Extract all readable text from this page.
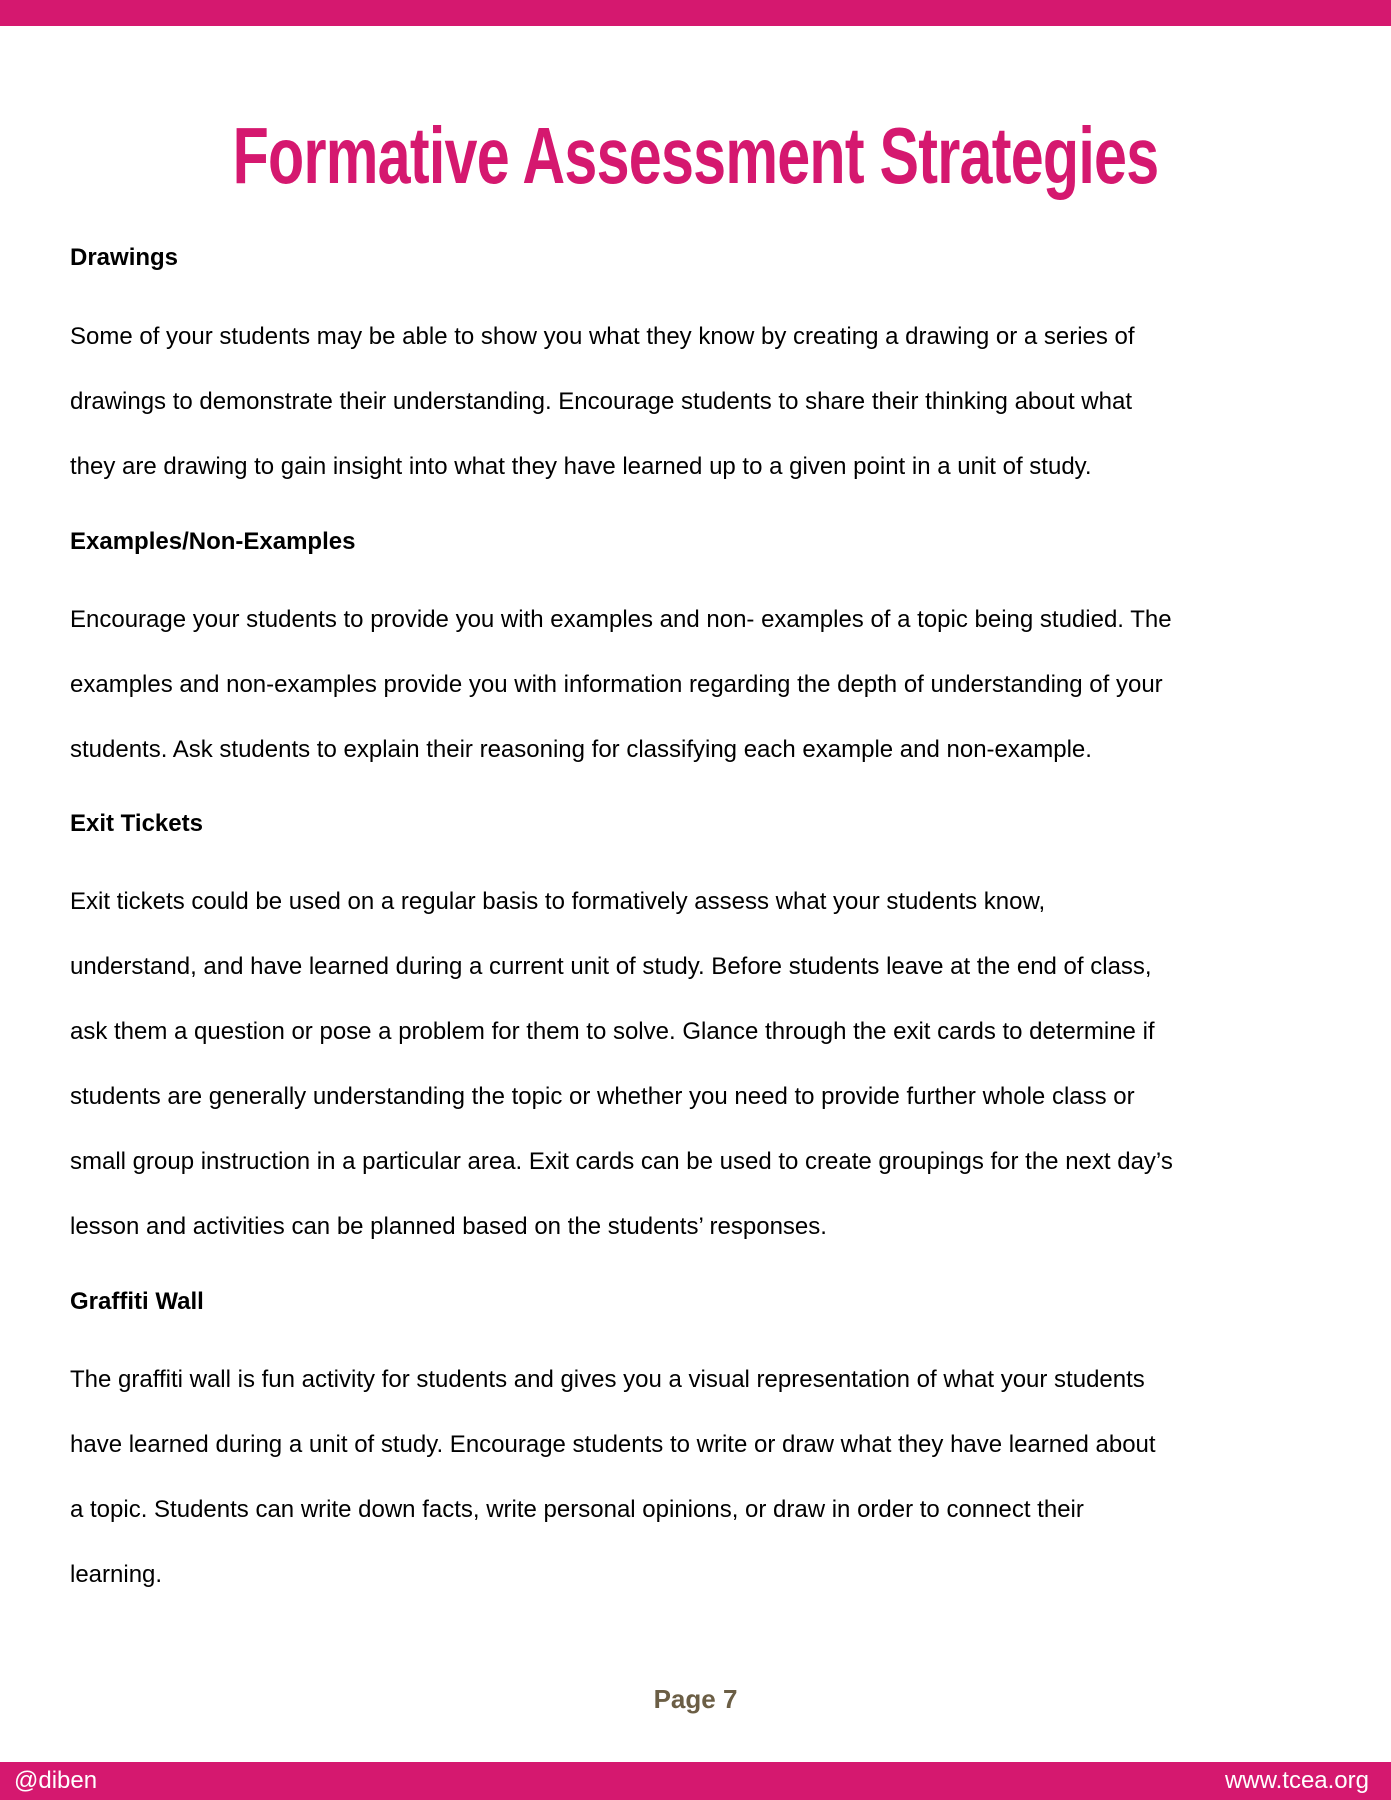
Formative Assessment Strategies
Drawings
Some of your students may be able to show you what they know by creating a drawing or a series of
drawings to demonstrate their understanding. Encourage students to share their thinking about what
they are drawing to gain insight into what they have learned up to a given point in a unit of study.
Examples/Non-Examples
Encourage your students to provide you with examples and non- examples of a topic being studied. The
examples and non-examples provide you with information regarding the depth of understanding of your
students. Ask students to explain their reasoning for classifying each example and non-example.
Exit Tickets
Exit tickets could be used on a regular basis to formatively assess what your students know,
understand, and have learned during a current unit of study. Before students leave at the end of class,
ask them a question or pose a problem for them to solve. Glance through the exit cards to determine if
students are generally understanding the topic or whether you need to provide further whole class or
small group instruction in a particular area. Exit cards can be used to create groupings for the next day’s
lesson and activities can be planned based on the students’ responses.
Graffiti Wall
The graffiti wall is fun activity for students and gives you a visual representation of what your students
have learned during a unit of study. Encourage students to write or draw what they have learned about
a topic. Students can write down facts, write personal opinions, or draw in order to connect their
learning.
Page 7
@diben	www.tcea.org
